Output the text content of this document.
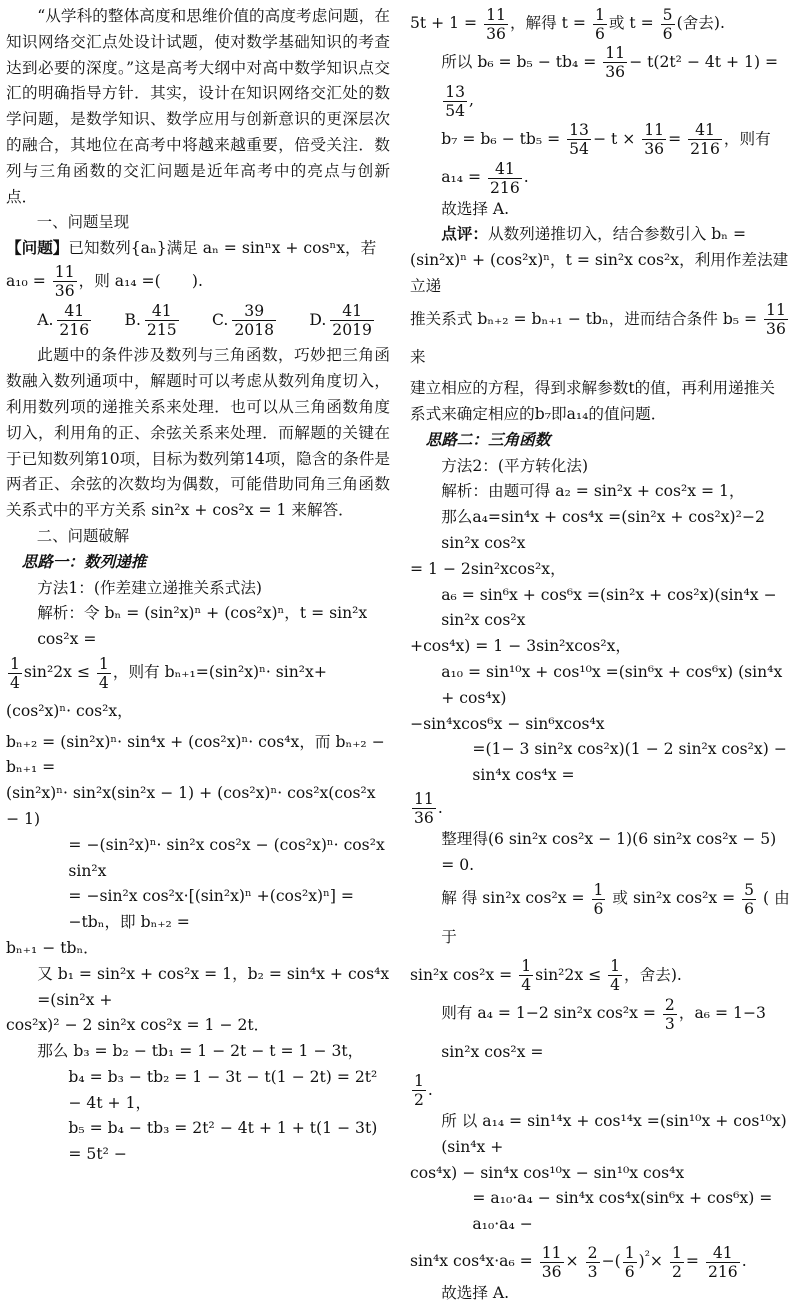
“从学科的整体高度和思维价值的高度考虑问题，在知识网络交汇点处设计试题，使对数学基础知识的考查达到必要的深度。”这是高考大纲中对高中数学知识点交汇的明确指导方针．其实，设计在知识网络交汇处的数学问题，是数学知识、数学应用与创新意识的更深层次的融合，其地位在高考中将越来越重要，倍受关注．数列与三角函数的交汇问题是近年高考中的亮点与创新点．

一、问题呈现

【问题】已知数列{aₙ}满足 aₙ = sinⁿx + cosⁿx，若

$a_{10} = \frac{11}{36}$ ，则 a₁₄ =(　　).

A. $\frac{41}{216} B$. $\frac{41}{215} C$. $\frac{39}{2018} D$. $\frac{41}{2019}$

此题中的条件涉及数列与三角函数，巧妙把三角函数融入数列通项中，解题时可以考虑从数列角度切入，利用数列项的递推关系来处理．也可以从三角函数角度切入，利用角的正、余弦关系来处理．而解题的关键在于已知数列第10项，目标为数列第14项，隐含的条件是两者正、余弦的次数均为偶数，可能借助同角三角函数关系式中的平方关系 sin²x + cos²x = 1 来解答．

二、问题破解

思路一：数列递推

方法1：(作差建立递推关系式法)

解析：令 bₙ = (sin²x)ⁿ + (cos²x)ⁿ，t = sin²x cos²x =

$\frac{1}{4} \sin^22x \le \frac{1}{4}$ ，则有 bₙ₊₁=(sin²x)ⁿ· sin²x+(cos²x)ⁿ· cos²x，

bₙ₊₂ = (sin²x)ⁿ· sin⁴x + (cos²x)ⁿ· cos⁴x，而 bₙ₊₂ − bₙ₊₁ =

(sin²x)ⁿ· sin²x(sin²x − 1) + (cos²x)ⁿ· cos²x(cos²x − 1)

= −(sin²x)ⁿ· sin²x cos²x − (cos²x)ⁿ· cos²x sin²x

= −sin²x cos²x·[(sin²x)ⁿ +(cos²x)ⁿ] = −tbₙ，即 bₙ₊₂ =

bₙ₊₁ − tbₙ．

又 b₁ = sin²x + cos²x = 1，b₂ = sin⁴x + cos⁴x =(sin²x +

cos²x)² − 2 sin²x cos²x = 1 − 2t．

那么 b₃ = b₂ − tb₁ = 1 − 2t − t = 1 − 3t，

b₄ = b₃ − tb₂ = 1 − 3t − t(1 − 2t) = 2t² − 4t + 1，

b₅ = b₄ − tb₃ = 2t² − 4t + 1 + t(1 − 3t) = 5t² −

$5t + 1 = \frac{11}{36}$ ，解得 $t = \frac{1}{6}$ 或 $t = \frac{5}{6}$ (舍去).

所以 $b_6 = b_5 - tb_4 = \frac{11}{36} - t(2t^2 - 4t + 1)$ =
$\frac{13}{54}$ ,

$b_7 = b_6 - tb_5 = \frac{13}{54} - t \times \frac{11}{36} = \frac{41}{216}$ ，则有 $a_{14} = \frac{41}{216}$ .

故选择 A.

点评：从数列递推切入，结合参数引入 bₙ =

(sin²x)ⁿ + (cos²x)ⁿ，t = sin²x cos²x，利用作差法建立递

推关系式 bₙ₊₂ = bₙ₊₁ − tbₙ，进而结合条件 $b_5 = \frac{11}{36}$
来

建立相应的方程，得到求解参数t的值，再利用递推关

系式来确定相应的b₇即a₁₄的值问题．

思路二：三角函数

方法2：(平方转化法)

解析：由题可得 a₂ = sin²x + cos²x = 1，

那么a₄=sin⁴x + cos⁴x =(sin²x + cos²x)²−2 sin²x cos²x

= 1 − 2sin²xcos²x，

a₆ = sin⁶x + cos⁶x =(sin²x + cos²x)(sin⁴x − sin²x cos²x

+cos⁴x) = 1 − 3sin²xcos²x，

a₁₀ = sin¹⁰x + cos¹⁰x =(sin⁶x + cos⁶x) (sin⁴x + cos⁴x)

−sin⁴xcos⁶x − sin⁶xcos⁴x

=(1− 3 sin²x cos²x)(1 − 2 sin²x cos²x) − sin⁴x cos⁴x =

$\frac{11}{36}$ .

整理得(6 sin²x cos²x − 1)(6 sin²x cos²x − 5) = 0.

解 得 sin²x $\cos^2x = \frac{1}{6}$ 或 sin²x $\cos^2x = \frac{5}{6}$ ( 由 于

sin²x $\cos^2x = \frac{1}{4} \sin^22x \le \frac{1}{4}$ ，舍去).

则有 a₄ = 1−2 sin²x $\cos^2x = \frac{2}{3}$ ，a₆ = 1−3 sin²x cos²x =

$\frac{1}{2}$ .

所 以 a₁₄ = sin¹⁴x + cos¹⁴x =(sin¹⁰x + cos¹⁰x)(sin⁴x +

cos⁴x) − sin⁴x cos¹⁰x − sin¹⁰x cos⁴x

= a₁₀·a₄ − sin⁴x cos⁴x(sin⁶x + cos⁶x) = a₁₀·a₄ −

sin⁴x $\cos^4x\cdot a_6 = \frac{11}{36} \times \frac{2}{3}$ −( $\frac{1}{6} )^{^2}\times \frac{1}{2} = \frac{41}{216}$ .

故选择 A.
